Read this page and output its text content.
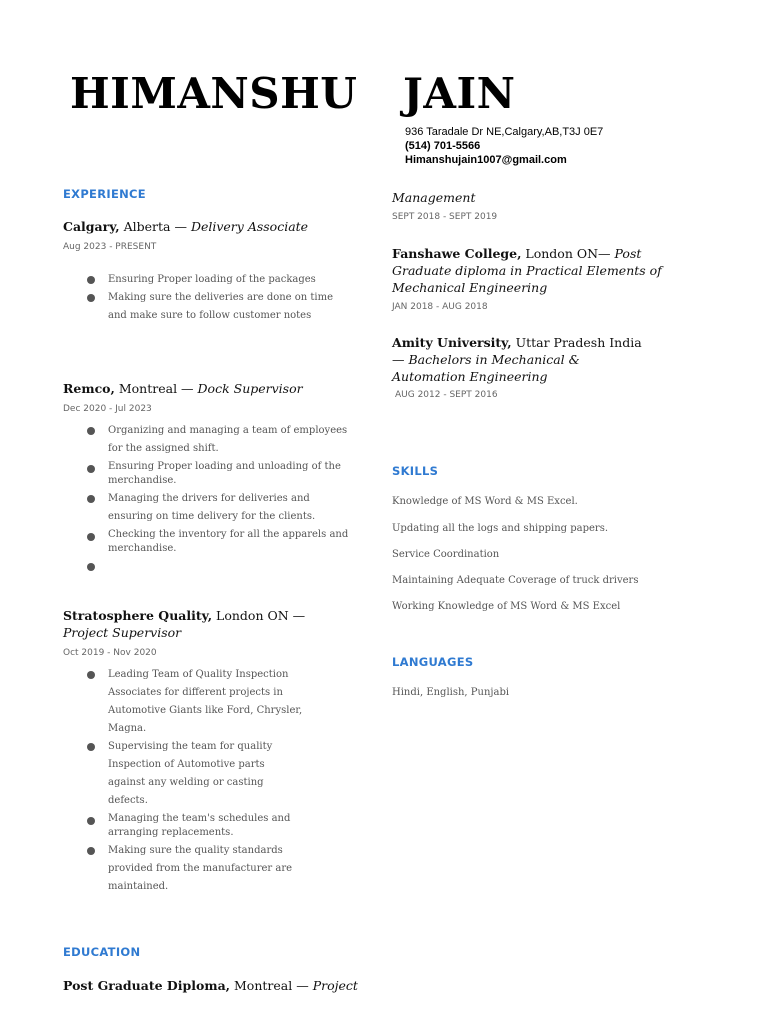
HIMANSHU JAIN
936 Taradale Dr NE,Calgary,AB,T3J 0E7
(514) 701-5566
Himanshujain1007@gmail.com
EXPERIENCE
Calgary, Alberta — Delivery Associate
Aug 2023 - PRESENT
Ensuring Proper loading of the packages
Making sure the deliveries are done on time and make sure to follow customer notes
Remco, Montreal — Dock Supervisor
Dec 2020 - Jul 2023
Organizing and managing a team of employees for the assigned shift.
Ensuring Proper loading and unloading of the merchandise.
Managing the drivers for deliveries and ensuring on time delivery for the clients.
Checking the inventory for all the apparels and merchandise.
Stratosphere Quality, London ON — Project Supervisor
Oct 2019 - Nov 2020
Leading Team of Quality Inspection Associates for different projects in Automotive Giants like Ford, Chrysler, Magna.
Supervising the team for quality Inspection of Automotive parts against any welding or casting defects.
Managing the team's schedules and arranging replacements.
Making sure the quality standards provided from the manufacturer are maintained.
EDUCATION
Post Graduate Diploma, Montreal — Project
Management
SEPT 2018 - SEPT 2019
Fanshawe College, London ON— Post Graduate diploma in Practical Elements of Mechanical Engineering
JAN 2018 - AUG 2018
Amity University, Uttar Pradesh India — Bachelors in Mechanical & Automation Engineering
AUG 2012 - SEPT 2016
SKILLS
Knowledge of MS Word & MS Excel.
Updating all the logs and shipping papers.
Service Coordination
Maintaining Adequate Coverage of truck drivers
Working Knowledge of MS Word & MS Excel
LANGUAGES
Hindi, English, Punjabi
